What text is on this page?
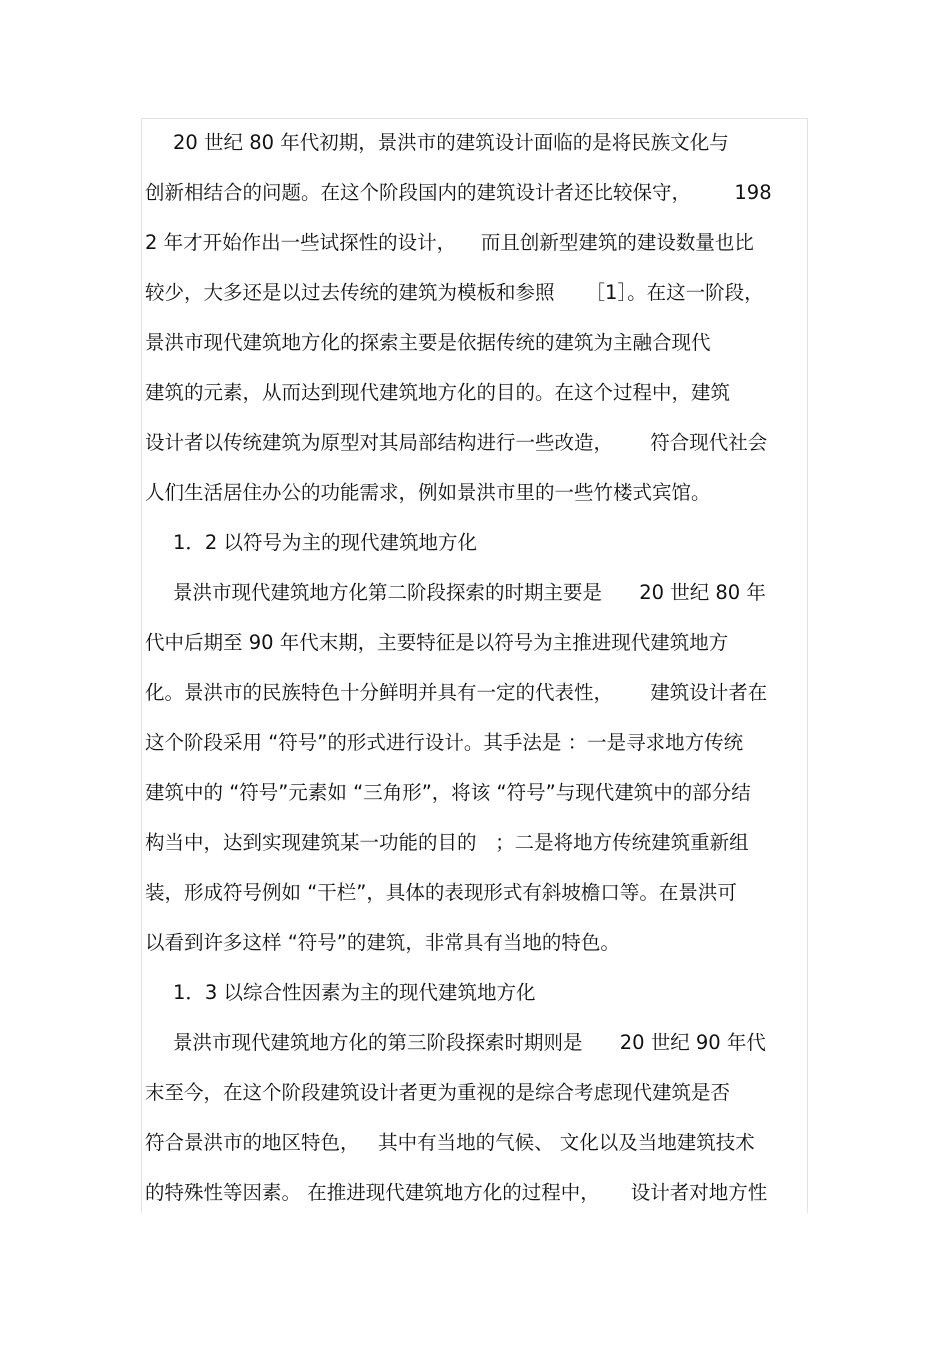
20 世纪 80 年代初期，景洪市的建筑设计面临的是将民族文化与
创新相结合的问题。在这个阶段国内的建筑设计者还比较保守，       198
2 年才开始作出一些试探性的设计，    而且创新型建筑的建设数量也比
较少，大多还是以过去传统的建筑为模板和参照     ［1］。在这一阶段，
景洪市现代建筑地方化的探索主要是依据传统的建筑为主融合现代
建筑的元素，从而达到现代建筑地方化的目的。在这个过程中，建筑
设计者以传统建筑为原型对其局部结构进行一些改造，      符合现代社会
人们生活居住办公的功能需求，例如景洪市里的一些竹楼式宾馆。
1．2 以符号为主的现代建筑地方化
景洪市现代建筑地方化第二阶段探索的时期主要是      20 世纪 80 年
代中后期至 90 年代末期，主要特征是以符号为主推进现代建筑地方
化。景洪市的民族特色十分鲜明并具有一定的代表性，      建筑设计者在
这个阶段采用 “符号”的形式进行设计。其手法是 ：一是寻求地方传统
建筑中的 “符号”元素如 “三角形”，将该 “符号”与现代建筑中的部分结
构当中，达到实现建筑某一功能的目的   ；二是将地方传统建筑重新组
装，形成符号例如 “干栏”，具体的表现形式有斜坡檐口等。在景洪可
以看到许多这样 “符号”的建筑，非常具有当地的特色。
1．3 以综合性因素为主的现代建筑地方化
景洪市现代建筑地方化的第三阶段探索时期则是      20 世纪 90 年代
末至今，在这个阶段建筑设计者更为重视的是综合考虑现代建筑是否
符合景洪市的地区特色，   其中有当地的气候、 文化以及当地建筑技术
的特殊性等因素。 在推进现代建筑地方化的过程中，     设计者对地方性
